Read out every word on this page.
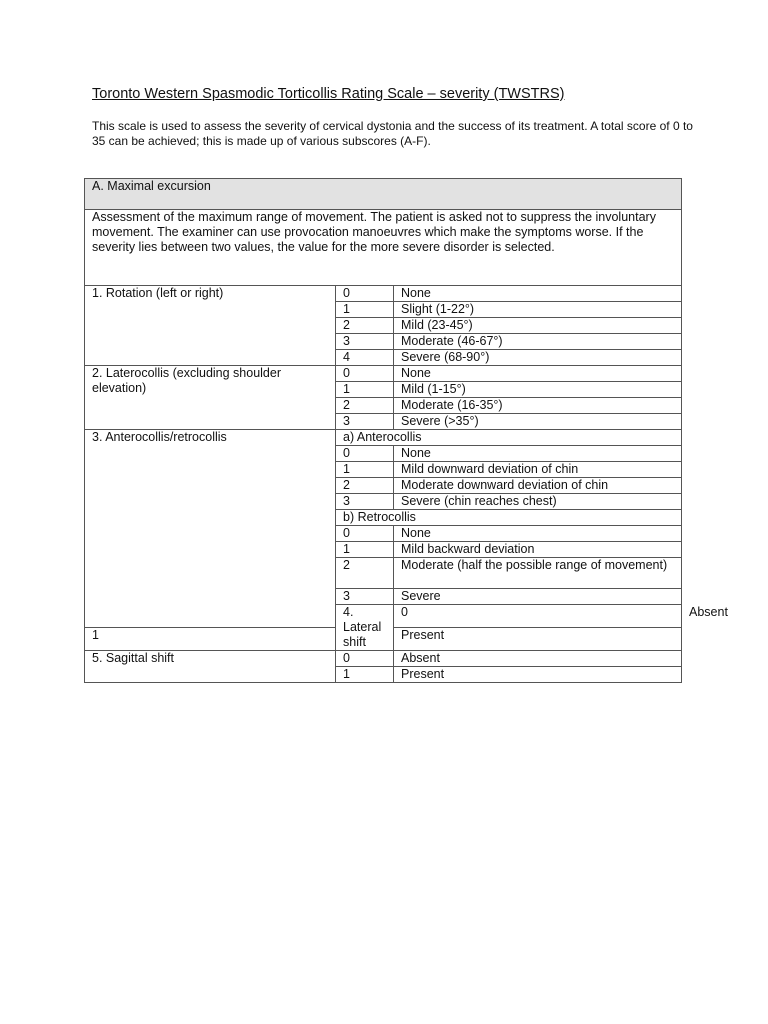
Toronto Western Spasmodic Torticollis Rating Scale – severity (TWSTRS)

This scale is used to assess the severity of cervical dystonia and the success of its treatment. A total score of 0 to 35 can be achieved; this is made up of various subscores (A-F).

A. Maximal excursion			
Assessment of the maximum range of movement. The patient is asked not to suppress the involuntary movement. The examiner can use provocation manoeuvres which make the symptoms worse. If the severity lies between two values, the value for the more severe disorder is selected.			
1. Rotation (left or right)	0	None	
	1	Slight (1-22°)	
	2	Mild (23-45°)	
	3	Moderate (46-67°)	
	4	Severe (68-90°)	
2. Laterocollis (excluding shoulder elevation)	0	None	
	1	Mild (1-15°)	
	2	Moderate (16-35°)	
	3	Severe (>35°)	
3. Anterocollis/retrocollis	a) Anterocollis		
	0	None	
	1	Mild downward deviation of chin	
	2	Moderate downward deviation of chin	
	3	Severe (chin reaches chest)	
	b) Retrocollis		
	0	None	
	1	Mild backward deviation	
	2	Moderate (half the possible range of movement)	
	3	Severe	
	4. Lateral shift	0	Absent
1		Present	
5. Sagittal shift	0	Absent	
	1	Present	
